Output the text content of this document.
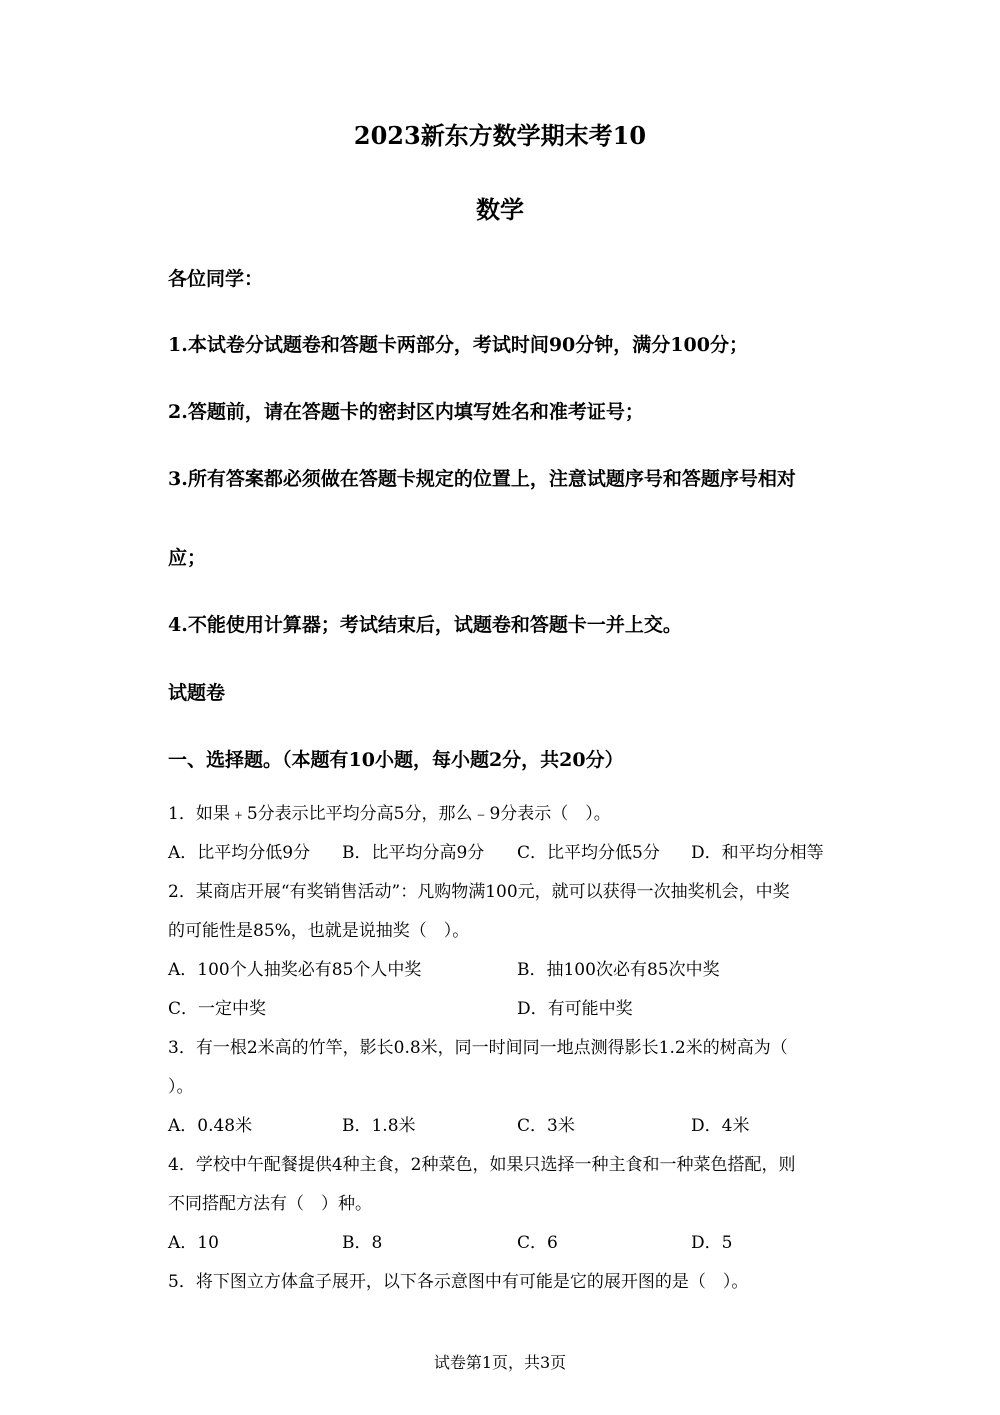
2023新东方数学期末考10
数学
各位同学：
1.本试卷分试题卷和答题卡两部分，考试时间90分钟，满分100分；
2.答题前，请在答题卡的密封区内填写姓名和准考证号；
3.所有答案都必须做在答题卡规定的位置上，注意试题序号和答题序号相对
应；
4.不能使用计算器；考试结束后，试题卷和答题卡一并上交。
试题卷
一、选择题。（本题有10小题，每小题2分，共20分）
1．如果﹢5分表示比平均分高5分，那么﹣9分表示（　）。
A．比平均分低9分 B．比平均分高9分 C．比平均分低5分 D．和平均分相等
2．某商店开展“有奖销售活动”：凡购物满100元，就可以获得一次抽奖机会，中奖
的可能性是85%，也就是说抽奖（　）。
A．100个人抽奖必有85个人中奖	B．抽100次必有85次中奖
C．一定中奖	D．有可能中奖
3．有一根2米高的竹竿，影长0.8米，同一时间同一地点测得影长1.2米的树高为（
）。
A．0.48米	B．1.8米	C．3米	D．4米
4．学校中午配餐提供4种主食，2种菜色，如果只选择一种主食和一种菜色搭配，则
不同搭配方法有（　）种。
A．10	B．8	C．6	D．5
5．将下图立方体盒子展开，以下各示意图中有可能是它的展开图的是（　）。
试卷第1页，共3页
